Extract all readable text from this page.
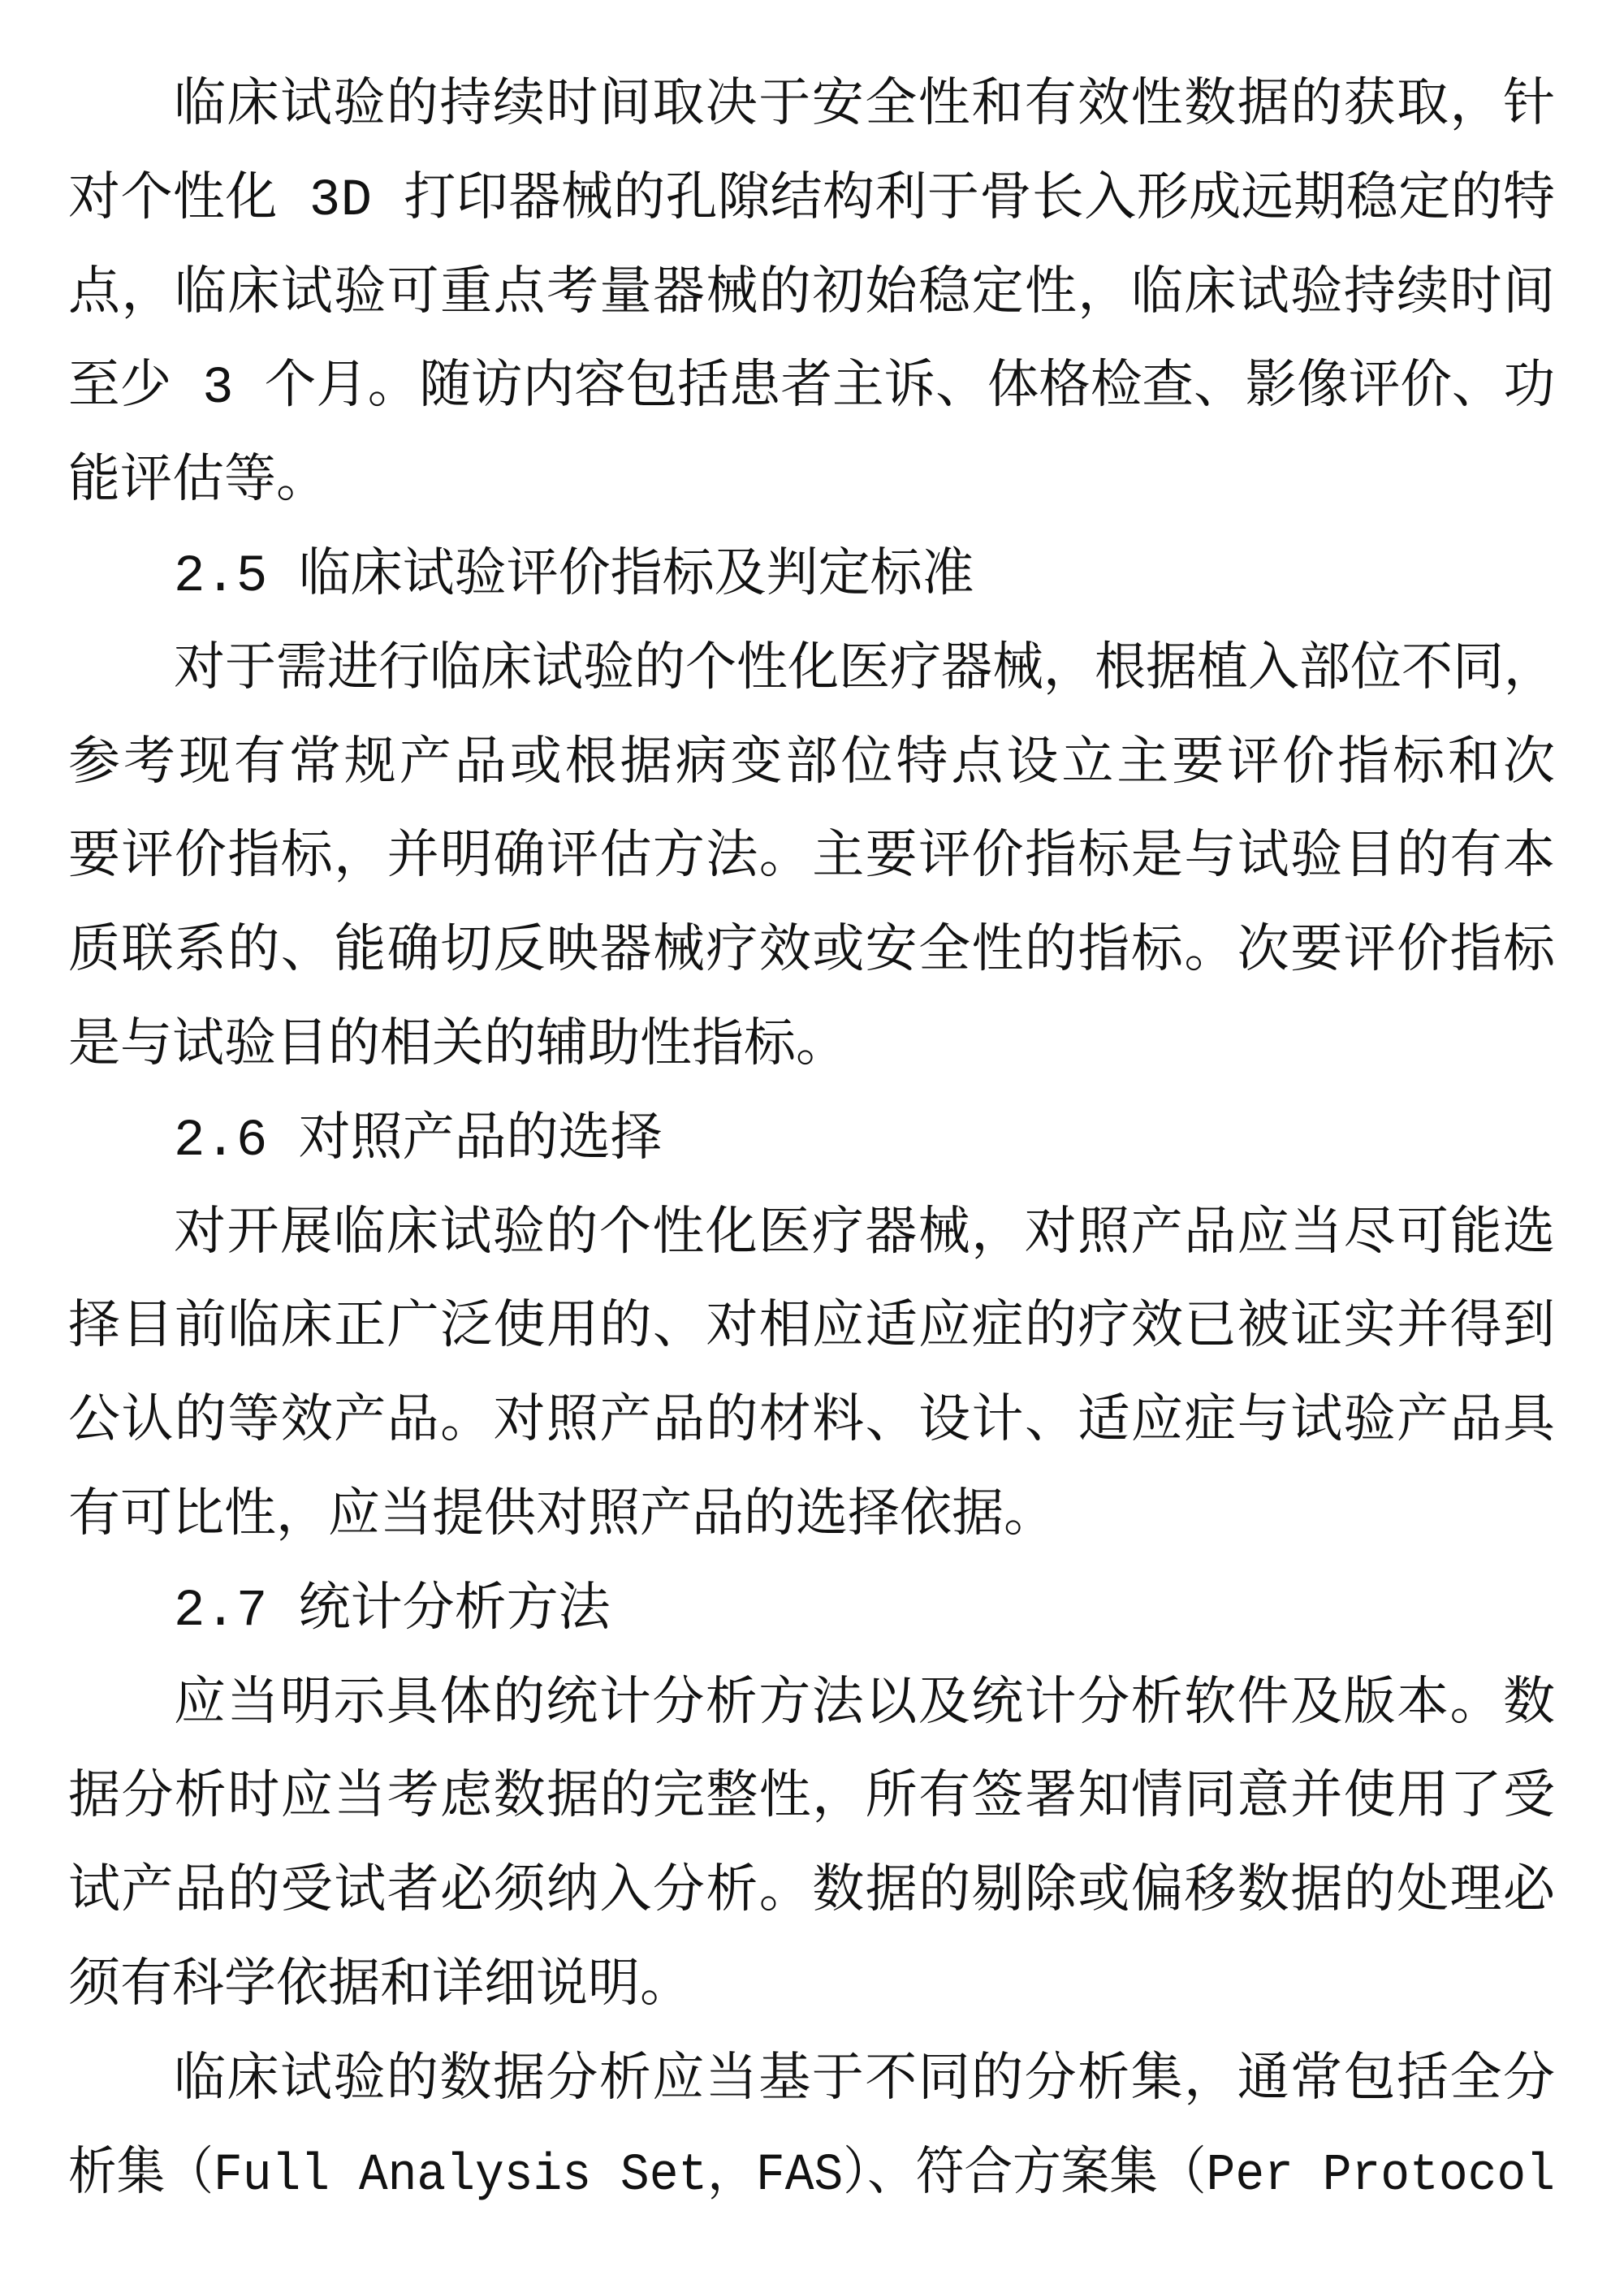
临床试验的持续时间取决于安全性和有效性数据的获取，针
对个性化 3D 打印器械的孔隙结构利于骨长入形成远期稳定的特
点，临床试验可重点考量器械的初始稳定性，临床试验持续时间
至少 3 个月。随访内容包括患者主诉、体格检查、影像评价、功
能评估等。
2.5 临床试验评价指标及判定标准
对于需进行临床试验的个性化医疗器械，根据植入部位不同，
参考现有常规产品或根据病变部位特点设立主要评价指标和次
要评价指标，并明确评估方法。主要评价指标是与试验目的有本
质联系的、能确切反映器械疗效或安全性的指标。次要评价指标
是与试验目的相关的辅助性指标。
2.6 对照产品的选择
对开展临床试验的个性化医疗器械，对照产品应当尽可能选
择目前临床正广泛使用的、对相应适应症的疗效已被证实并得到
公认的等效产品。对照产品的材料、设计、适应症与试验产品具
有可比性，应当提供对照产品的选择依据。
2.7 统计分析方法
应当明示具体的统计分析方法以及统计分析软件及版本。数
据分析时应当考虑数据的完整性，所有签署知情同意并使用了受
试产品的受试者必须纳入分析。数据的剔除或偏移数据的处理必
须有科学依据和详细说明。
临床试验的数据分析应当基于不同的分析集，通常包括全分
析集（Full Analysis Set，FAS）、符合方案集（Per Protocol
